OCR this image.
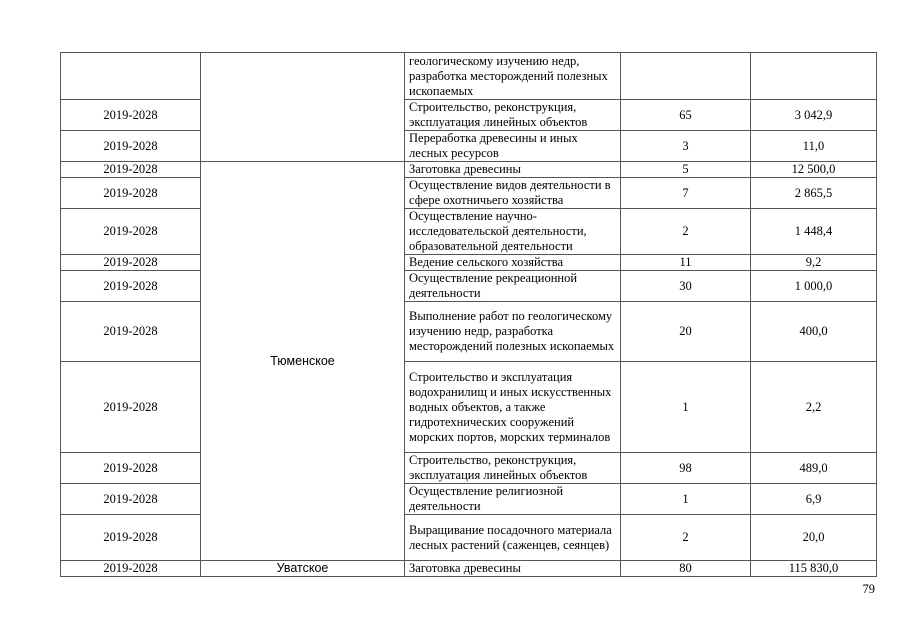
		геологическому изучению недр, разработка месторождений полезных ископаемых		
2019-2028		Строительство, реконструкция, эксплуатация линейных объектов	65	3 042,9
2019-2028		Переработка древесины и иных лесных ресурсов	3	11,0
2019-2028	Тюменское	Заготовка древесины	5	12 500,0
2019-2028		Осуществление видов деятельности в сфере охотничьего хозяйства	7	2 865,5
2019-2028		Осуществление научно-исследовательской деятельности, образовательной деятельности	2	1 448,4
2019-2028		Ведение сельского хозяйства	11	9,2
2019-2028		Осуществление рекреационной деятельности	30	1 000,0
2019-2028		Выполнение работ по геологическому изучению недр, разработка месторождений полезных ископаемых	20	400,0
2019-2028		Строительство и эксплуатация водохранилищ и иных искусственных водных объектов, а также гидротехнических сооружений морских портов, морских терминалов	1	2,2
2019-2028		Строительство, реконструкция, эксплуатация линейных объектов	98	489,0
2019-2028		Осуществление религиозной деятельности	1	6,9
2019-2028		Выращивание посадочного материала лесных растений (саженцев, сеянцев)	2	20,0
2019-2028	Уватское	Заготовка древесины	80	115 830,0
79
